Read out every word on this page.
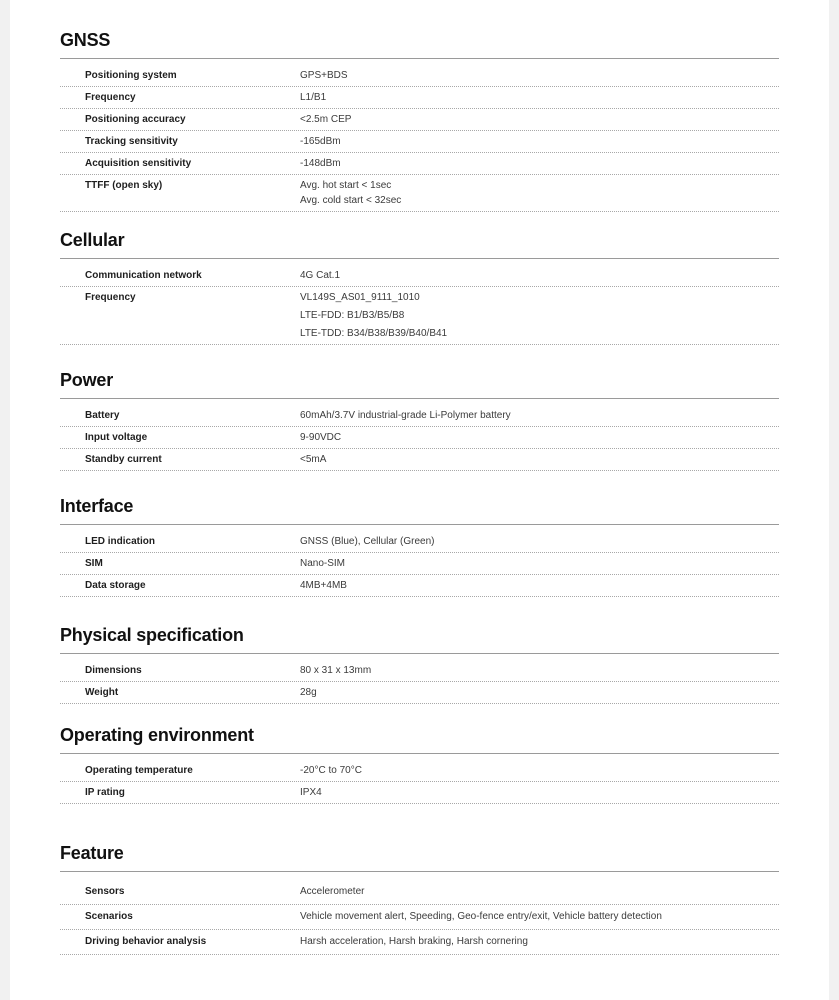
GNSS
Positioning system	GPS+BDS
Frequency	L1/B1
Positioning accuracy	<2.5m CEP
Tracking sensitivity	-165dBm
Acquisition sensitivity	-148dBm
TTFF (open sky)	Avg. hot start < 1sec
Avg. cold start < 32sec
Cellular
Communication network	4G Cat.1
Frequency	VL149S_AS01_9111_1010
LTE-FDD: B1/B3/B5/B8
LTE-TDD: B34/B38/B39/B40/B41
Power
Battery	60mAh/3.7V industrial-grade Li-Polymer battery
Input voltage	9-90VDC
Standby current	<5mA
Interface
LED indication	GNSS (Blue), Cellular (Green)
SIM	Nano-SIM
Data storage	4MB+4MB
Physical specification
Dimensions	80 x 31 x 13mm
Weight	28g
Operating environment
Operating temperature	-20°C to 70°C
IP rating	IPX4
Feature
Sensors	Accelerometer
Scenarios	Vehicle movement alert, Speeding, Geo-fence entry/exit, Vehicle battery detection
Driving behavior analysis	Harsh acceleration, Harsh braking, Harsh cornering
